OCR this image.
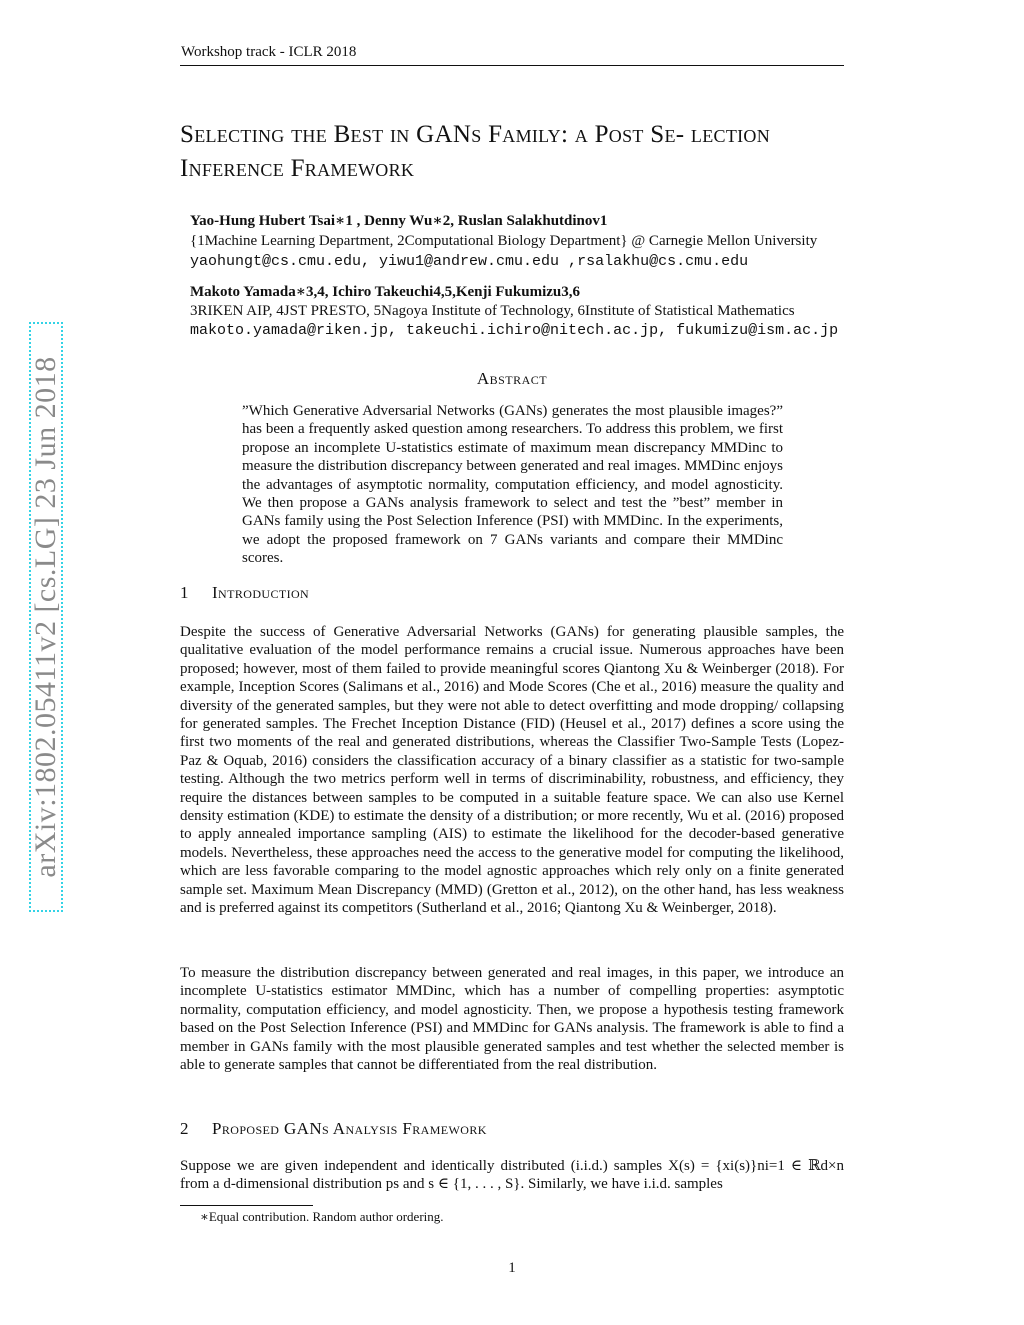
Workshop track - ICLR 2018
Selecting the Best in GANs Family: a Post Se- lection Inference Framework
Yao-Hung Hubert Tsai∗1 , Denny Wu∗2, Ruslan Salakhutdinov1
{1Machine Learning Department, 2Computational Biology Department} @ Carnegie Mellon University
yaohungt@cs.cmu.edu, yiwu1@andrew.cmu.edu ,rsalakhu@cs.cmu.edu
Makoto Yamada∗3,4, Ichiro Takeuchi4,5,Kenji Fukumizu3,6
3RIKEN AIP, 4JST PRESTO, 5Nagoya Institute of Technology, 6Institute of Statistical Mathematics
makoto.yamada@riken.jp, takeuchi.ichiro@nitech.ac.jp, fukumizu@ism.ac.jp
Abstract
”Which Generative Adversarial Networks (GANs) generates the most plausible images?” has been a frequently asked question among researchers. To address this problem, we first propose an incomplete U-statistics estimate of maximum mean discrepancy MMDinc to measure the distribution discrepancy between generated and real images. MMDinc enjoys the advantages of asymptotic normality, computation efficiency, and model agnosticity. We then propose a GANs analysis framework to select and test the ”best” member in GANs family using the Post Selection Inference (PSI) with MMDinc. In the experiments, we adopt the proposed framework on 7 GANs variants and compare their MMDinc scores.
1 Introduction
Despite the success of Generative Adversarial Networks (GANs) for generating plausible samples, the qualitative evaluation of the model performance remains a crucial issue. Numerous approaches have been proposed; however, most of them failed to provide meaningful scores Qiantong Xu & Weinberger (2018). For example, Inception Scores (Salimans et al., 2016) and Mode Scores (Che et al., 2016) measure the quality and diversity of the generated samples, but they were not able to detect overfitting and mode dropping/ collapsing for generated samples. The Frechet Inception Distance (FID) (Heusel et al., 2017) defines a score using the first two moments of the real and generated distributions, whereas the Classifier Two-Sample Tests (Lopez-Paz & Oquab, 2016) considers the classification accuracy of a binary classifier as a statistic for two-sample testing. Although the two metrics perform well in terms of discriminability, robustness, and efficiency, they require the distances between samples to be computed in a suitable feature space. We can also use Kernel density estimation (KDE) to estimate the density of a distribution; or more recently, Wu et al. (2016) proposed to apply annealed importance sampling (AIS) to estimate the likelihood for the decoder-based generative models. Nevertheless, these approaches need the access to the generative model for computing the likelihood, which are less favorable comparing to the model agnostic approaches which rely only on a finite generated sample set. Maximum Mean Discrepancy (MMD) (Gretton et al., 2012), on the other hand, has less weakness and is preferred against its competitors (Sutherland et al., 2016; Qiantong Xu & Weinberger, 2018).
To measure the distribution discrepancy between generated and real images, in this paper, we introduce an incomplete U-statistics estimator MMDinc, which has a number of compelling properties: asymptotic normality, computation efficiency, and model agnosticity. Then, we propose a hypothesis testing framework based on the Post Selection Inference (PSI) and MMDinc for GANs analysis. The framework is able to find a member in GANs family with the most plausible generated samples and test whether the selected member is able to generate samples that cannot be differentiated from the real distribution.
2 Proposed GANs Analysis Framework
Suppose we are given independent and identically distributed (i.i.d.) samples X(s) = {xi(s)}ni=1 ∈ ℝd×n from a d-dimensional distribution ps and s ∈ {1, . . . , S}. Similarly, we have i.i.d. samples
∗Equal contribution. Random author ordering.
1
arXiv:1802.05411v2 [cs.LG] 23 Jun 2018
